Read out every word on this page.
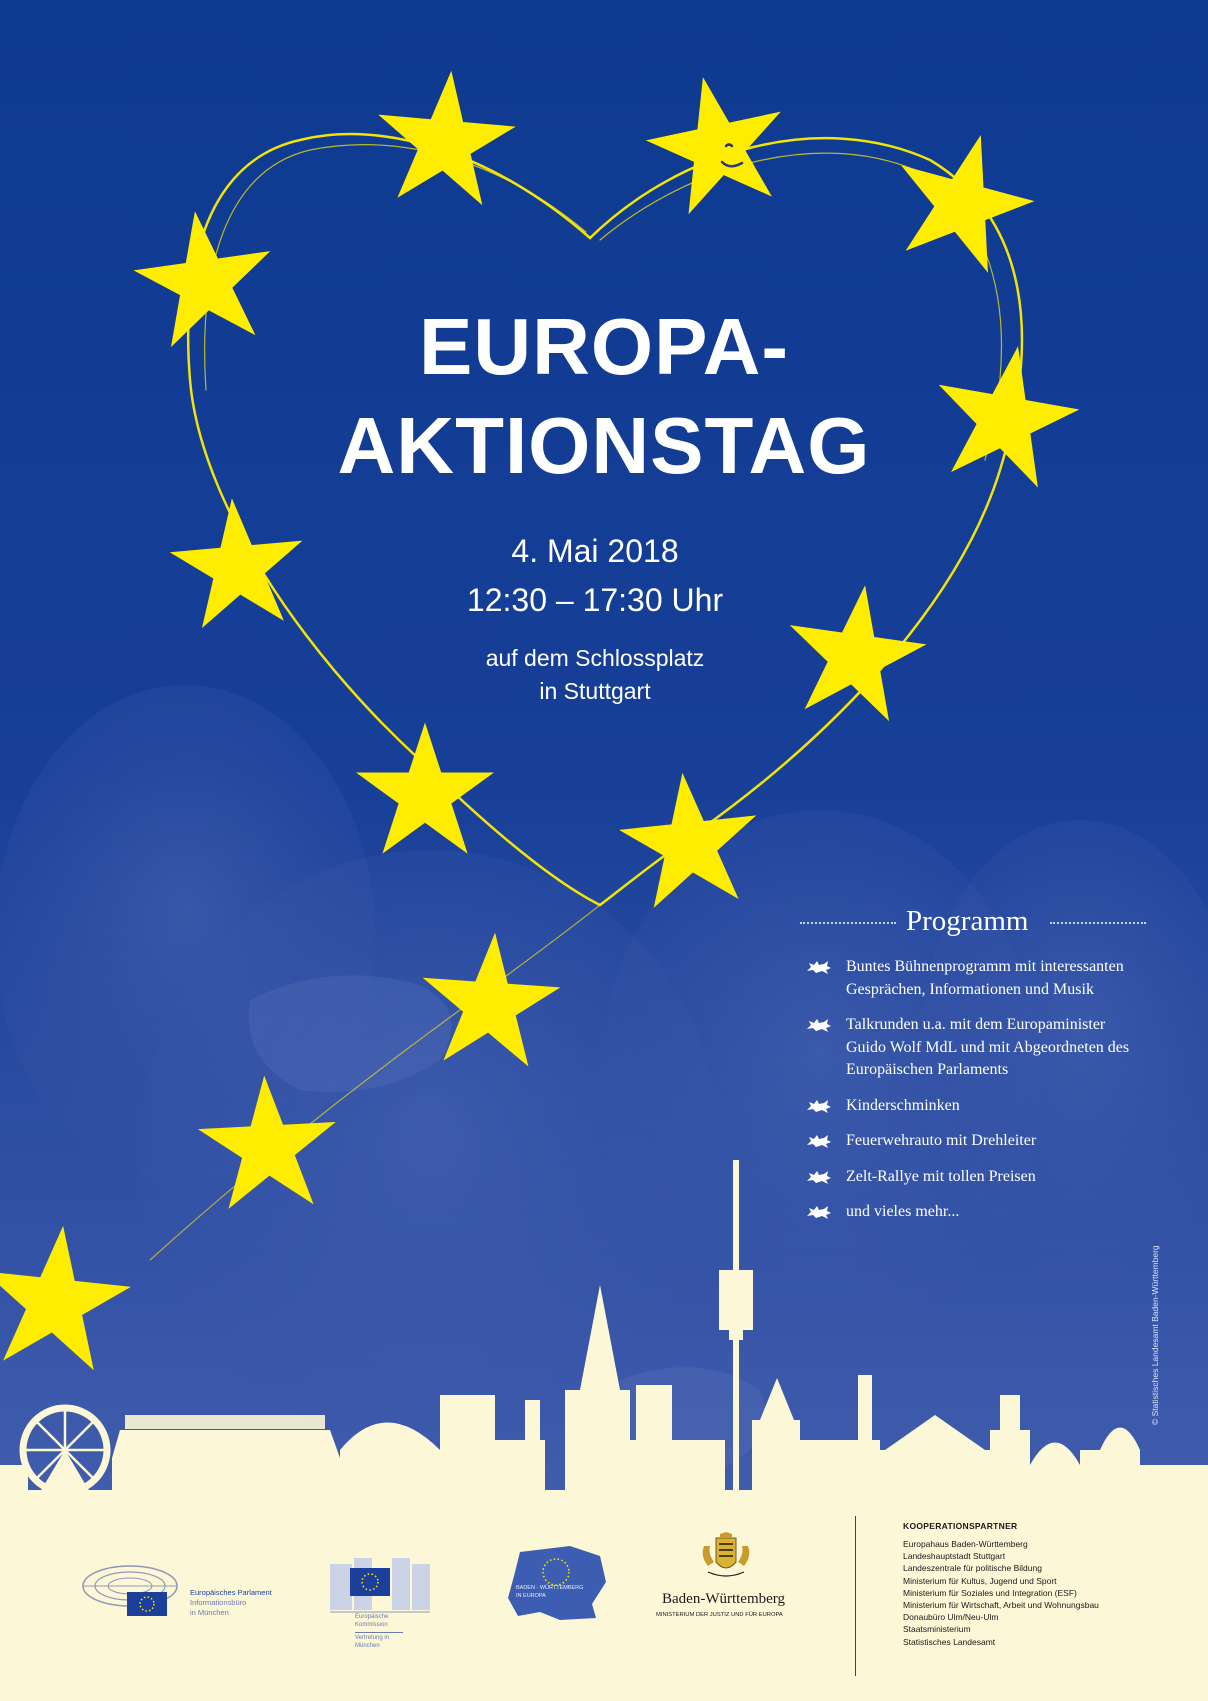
EUROPA-
AKTIONSTAG
4. Mai 2018
12:30 – 17:30 Uhr
auf dem Schlossplatz
in Stuttgart
Programm
Buntes Bühnenprogramm mit interessanten Gesprächen, Informationen und Musik
Talkrunden u.a. mit dem Europaminister Guido Wolf MdL und mit Abgeordneten des Europäischen Parlaments
Kinderschminken
Feuerwehrauto mit Drehleiter
Zelt-Rallye mit tollen Preisen
und vieles mehr...
© Statistisches Landesamt Baden-Württemberg
Europäisches Parlament
Informationsbüro
in München	Europäische
Kommission
Vertretung in
München
BADEN - WÜRTTEMBERG
IN EUROPA	Baden-Württemberg
MINISTERIUM DER JUSTIZ UND FÜR EUROPA
KOOPERATIONSPARTNER
Europahaus Baden-Württemberg
Landeshauptstadt Stuttgart
Landeszentrale für politische Bildung
Ministerium für Kultus, Jugend und Sport
Ministerium für Soziales und Integration (ESF)
Ministerium für Wirtschaft, Arbeit und Wohnungsbau
Donaubüro Ulm/Neu-Ulm
Staatsministerium
Statistisches Landesamt
